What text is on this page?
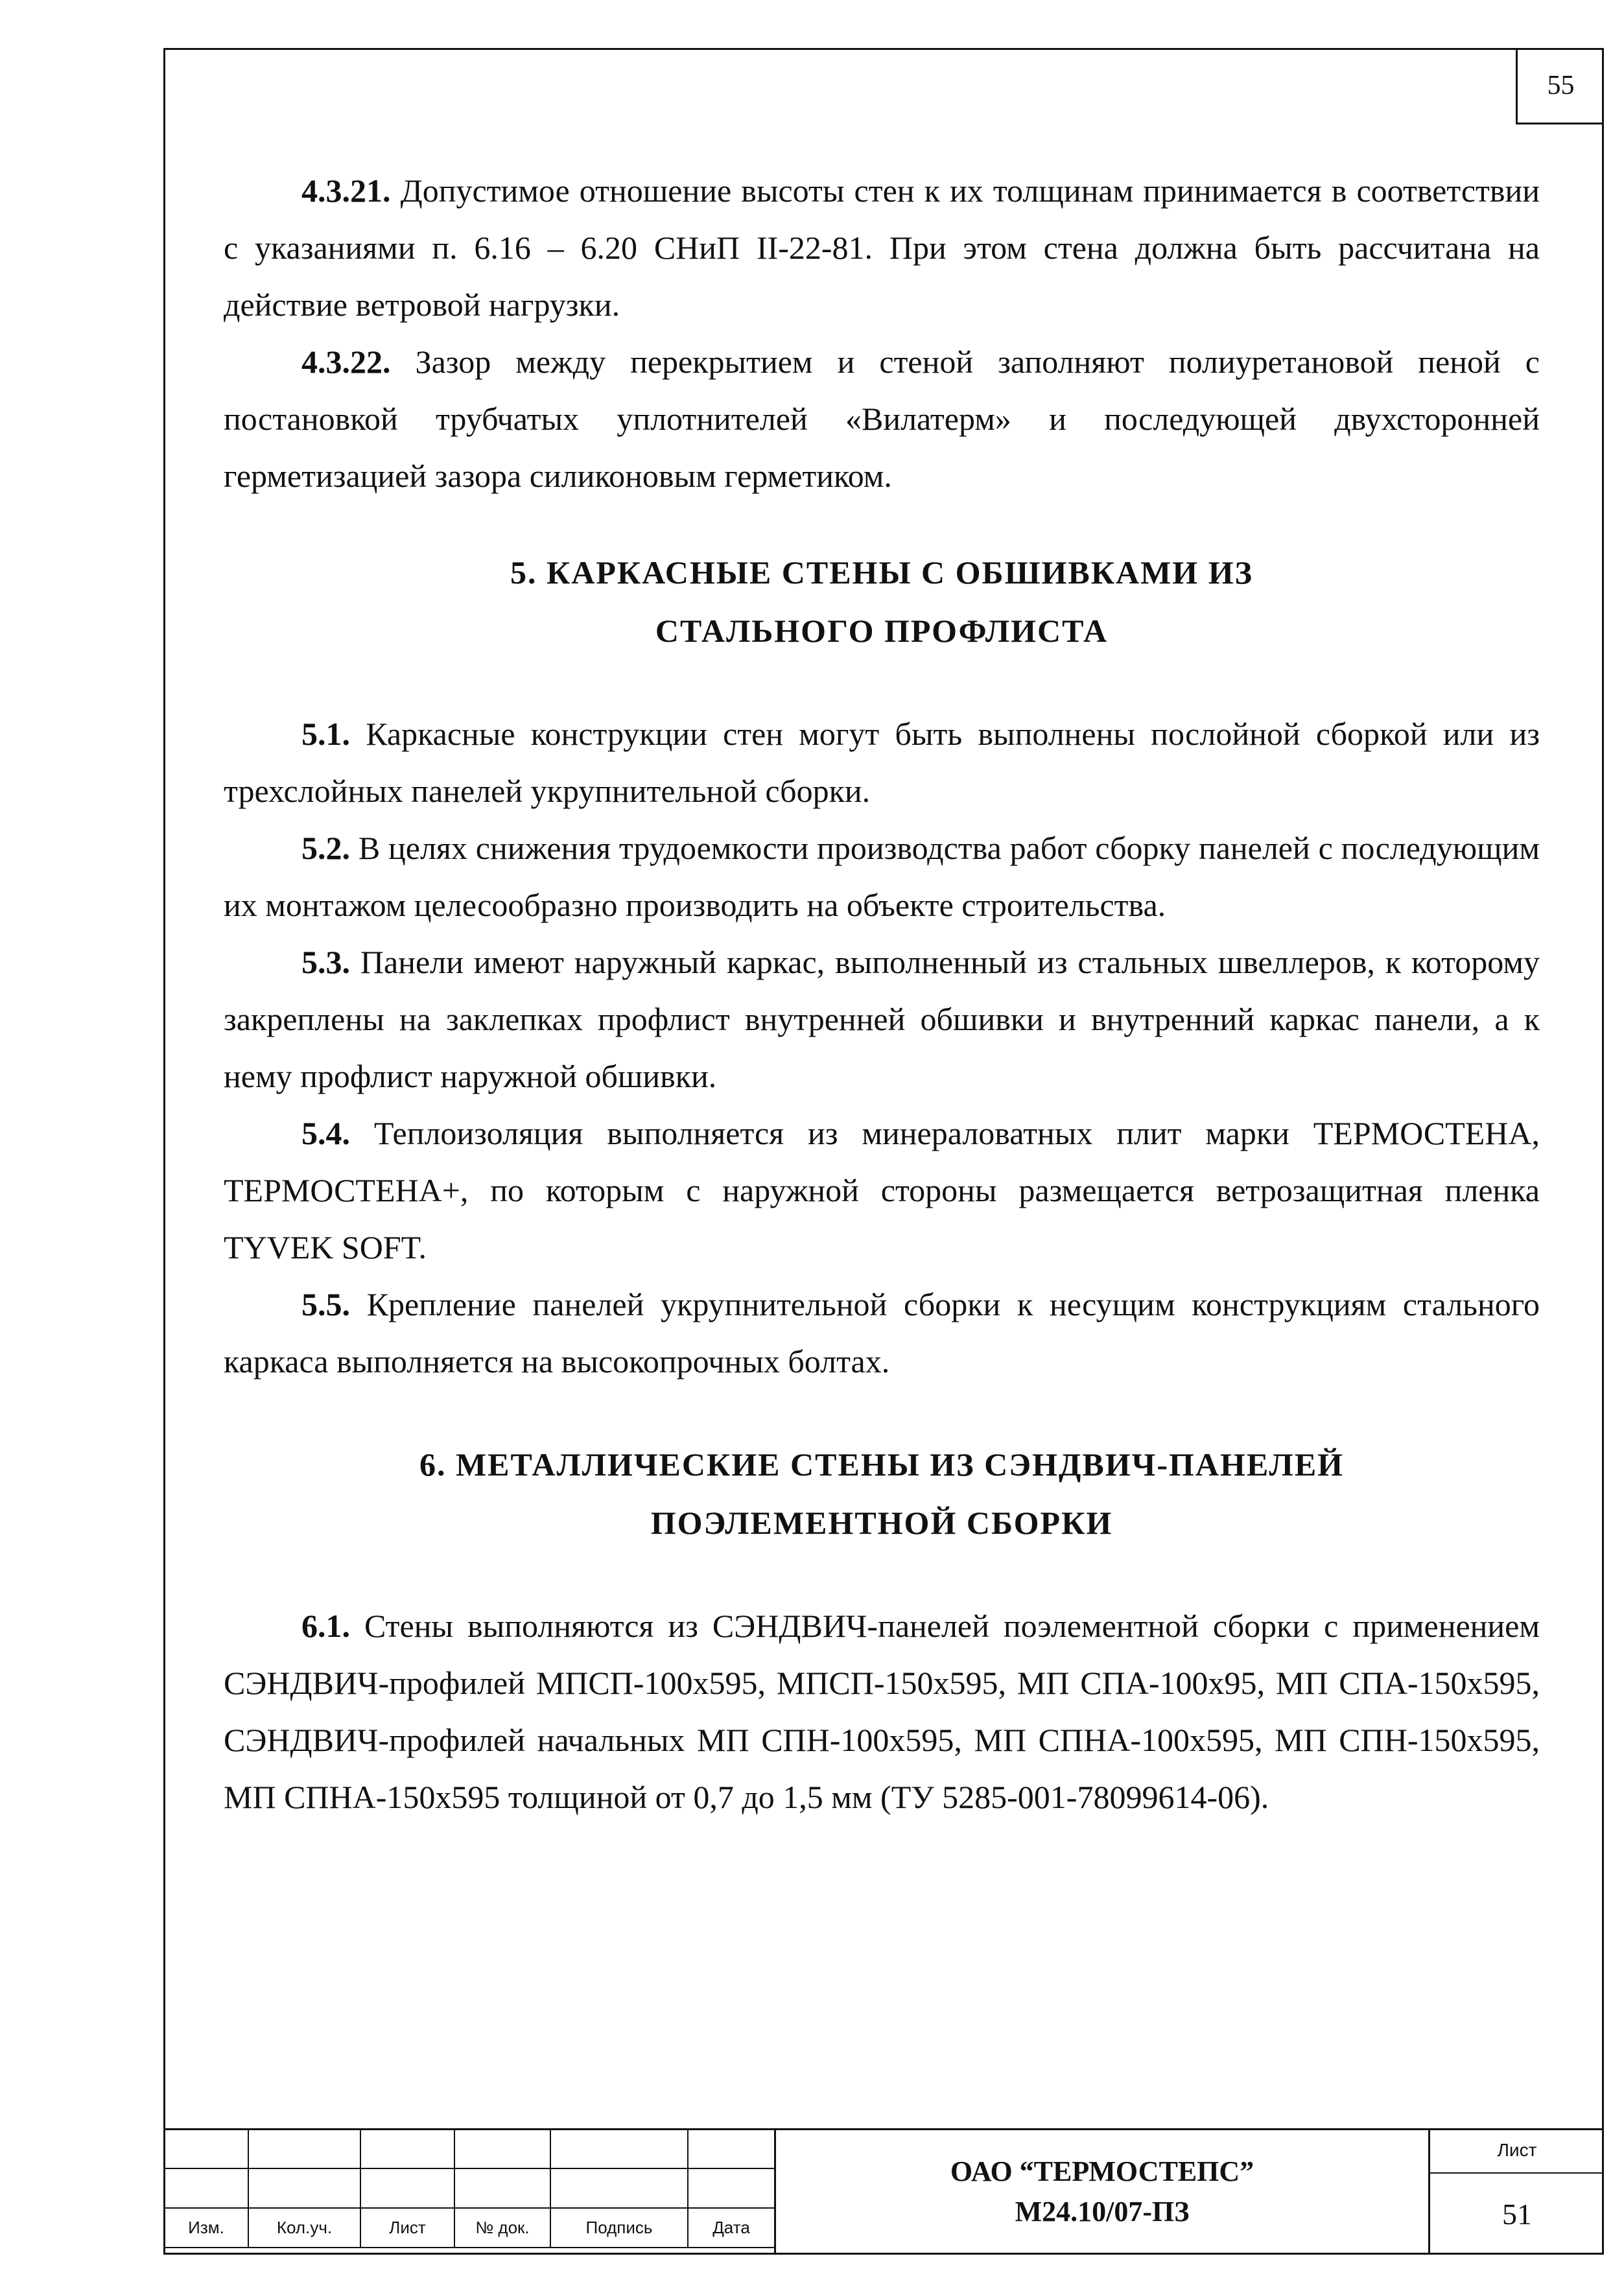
55

4.3.21. Допустимое отношение высоты стен к их толщинам принимается в соответствии с указаниями п. 6.16 – 6.20 СНиП II-22-81. При этом стена должна быть рассчитана на действие ветровой нагрузки.

4.3.22. Зазор между перекрытием и стеной заполняют полиуретановой пеной с постановкой трубчатых уплотнителей «Вилатерм» и последующей двухсторонней герметизацией зазора силиконовым герметиком.

5. КАРКАСНЫЕ СТЕНЫ С ОБШИВКАМИ ИЗ
СТАЛЬНОГО ПРОФЛИСТА

5.1. Каркасные конструкции стен могут быть выполнены послойной сборкой или из трехслойных панелей укрупнительной сборки.

5.2. В целях снижения трудоемкости производства работ сборку панелей с последующим их монтажом целесообразно производить на объекте строительства.

5.3. Панели имеют наружный каркас, выполненный из стальных швеллеров, к которому закреплены на заклепках профлист внутренней обшивки и внутренний каркас панели, а к нему профлист наружной обшивки.

5.4. Теплоизоляция выполняется из минераловатных плит марки ТЕРМОСТЕНА, ТЕРМОСТЕНА+, по которым с наружной стороны размещается ветрозащитная пленка TYVEK SOFT.

5.5. Крепление панелей укрупнительной сборки к несущим конструкциям стального каркаса выполняется на высокопрочных болтах.

6. МЕТАЛЛИЧЕСКИЕ СТЕНЫ ИЗ СЭНДВИЧ-ПАНЕЛЕЙ
ПОЭЛЕМЕНТНОЙ СБОРКИ

6.1. Стены выполняются из СЭНДВИЧ-панелей поэлементной сборки с применением СЭНДВИЧ-профилей МПСП-100х595, МПСП-150х595, МП СПА-100х95, МП СПА-150х595, СЭНДВИЧ-профилей начальных МП СПН-100х595, МП СПНА-100х595, МП СПН-150х595, МП СПНА-150х595 толщиной от 0,7 до 1,5 мм (ТУ 5285-001-78099614-06).

Изм.	Кол.уч.	Лист	№ док.	Подпись	Дата
ОАО “ТЕРМОСТЕПС”
М24.10/07-ПЗ
Лист
51
